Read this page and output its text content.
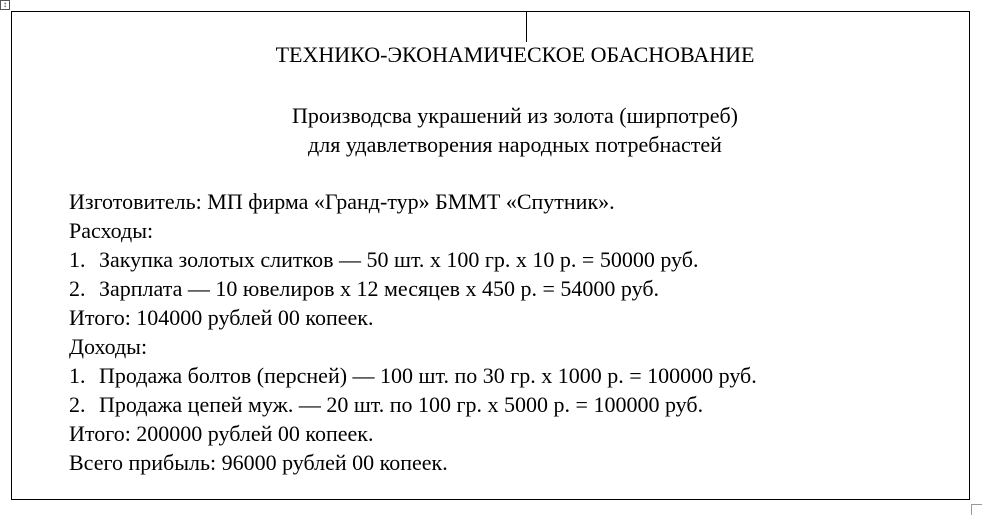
↕
ТЕХНИКО-ЭКОНАМИЧЕСКОЕ ОБАСНОВАНИЕ
Производсва украшений из золота (ширпотреб)
для удавлетворения народных потребнастей
Изготовитель: МП фирма «Гранд-тур» БММТ «Спутник».
Расходы:
1. Закупка золотых слитков — 50 шт. х 100 гр. х 10 р. = 50000 руб.
2. Зарплата — 10 ювелиров х 12 месяцев х 450 р. = 54000 руб.
Итого: 104000 рублей 00 копеек.
Доходы:
1. Продажа болтов (персней) — 100 шт. по 30 гр. х 1000 р. = 100000 руб.
2. Продажа цепей муж. — 20 шт. по 100 гр. х 5000 р. = 100000 руб.
Итого: 200000 рублей 00 копеек.
Всего прибыль: 96000 рублей 00 копеек.
